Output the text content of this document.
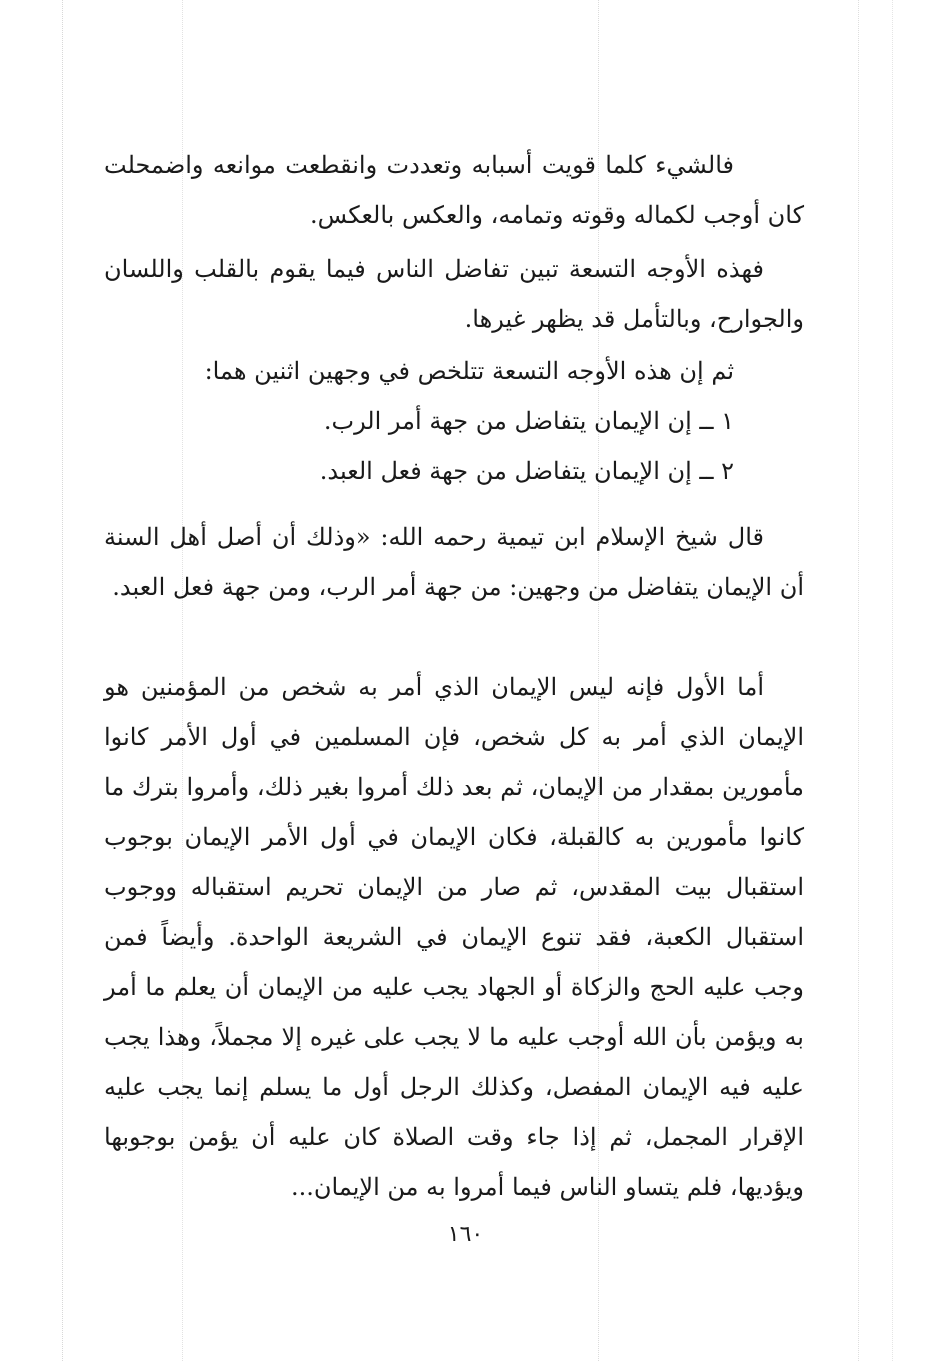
فالشيء كلما قويت أسبابه وتعددت وانقطعت موانعه واضمحلت كان أوجب لكماله وقوته وتمامه، والعكس بالعكس.

فهذه الأوجه التسعة تبين تفاضل الناس فيما يقوم بالقلب واللسان والجوارح، وبالتأمل قد يظهر غيرها.

ثم إن هذه الأوجه التسعة تتلخص في وجهين اثنين هما:
١ ــ إن الإيمان يتفاضل من جهة أمر الرب.
٢ ــ إن الإيمان يتفاضل من جهة فعل العبد.

قال شيخ الإسلام ابن تيمية رحمه الله: «وذلك أن أصل أهل السنة أن الإيمان يتفاضل من وجهين: من جهة أمر الرب، ومن جهة فعل العبد.

أما الأول فإنه ليس الإيمان الذي أمر به شخص من المؤمنين هو الإيمان الذي أمر به كل شخص، فإن المسلمين في أول الأمر كانوا مأمورين بمقدار من الإيمان، ثم بعد ذلك أمروا بغير ذلك، وأمروا بترك ما كانوا مأمورين به كالقبلة، فكان الإيمان في أول الأمر الإيمان بوجوب استقبال بيت المقدس، ثم صار من الإيمان تحريم استقباله ووجوب استقبال الكعبة، فقد تنوع الإيمان في الشريعة الواحدة. وأيضاً فمن وجب عليه الحج والزكاة أو الجهاد يجب عليه من الإيمان أن يعلم ما أمر به ويؤمن بأن الله أوجب عليه ما لا يجب على غيره إلا مجملاً، وهذا يجب عليه فيه الإيمان المفصل، وكذلك الرجل أول ما يسلم إنما يجب عليه الإقرار المجمل، ثم إذا جاء وقت الصلاة كان عليه أن يؤمن بوجوبها ويؤديها، فلم يتساو الناس فيما أمروا به من الإيمان...

١٦٠
